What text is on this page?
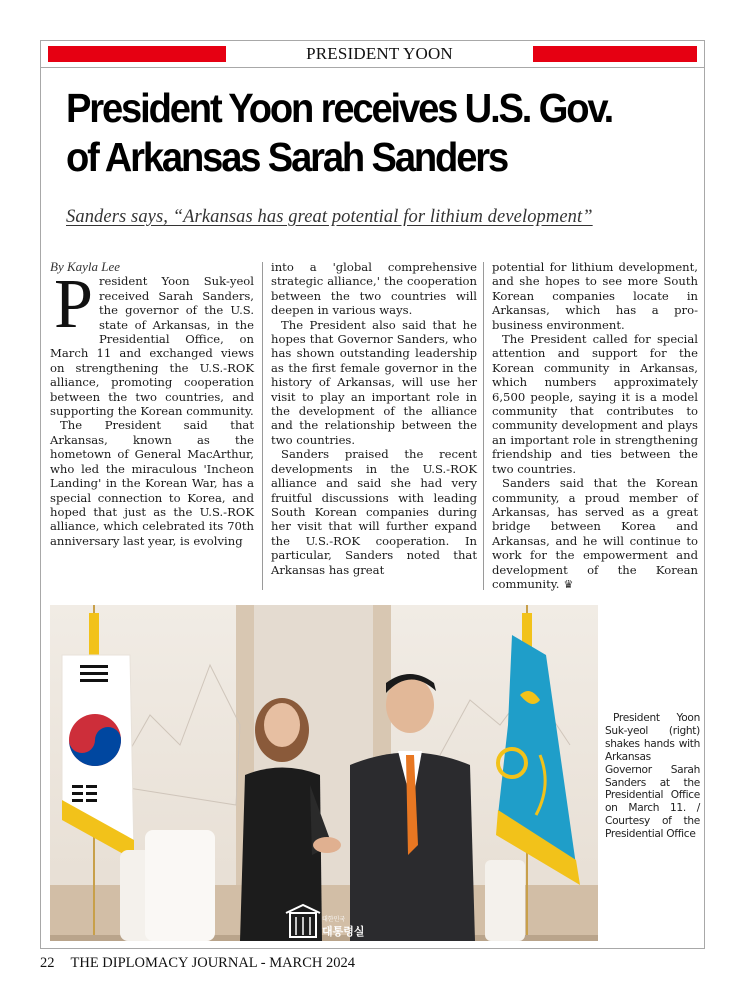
PRESIDENT YOON
President Yoon receives U.S. Gov.
of Arkansas Sarah Sanders
Sanders says, “Arkansas has great potential for lithium development”

By Kayla Lee

President Yoon Suk-yeol received Sarah Sanders, the governor of the U.S. state of Arkansas, in the Presidential Office, on March 11 and exchanged views on strengthening the U.S.-ROK alliance, promoting cooperation between the two countries, and supporting the Korean community.

The President said that Arkansas, known as the hometown of General MacArthur, who led the miraculous 'Incheon Landing' in the Korean War, has a special connection to Korea, and hoped that just as the U.S.-ROK alliance, which celebrated its 70th anniversary last year, is evolving

into a 'global comprehensive strategic alliance,' the cooperation between the two countries will deepen in various ways.

The President also said that he hopes that Governor Sanders, who has shown outstanding leadership as the first female governor in the history of Arkansas, will use her visit to play an important role in the development of the alliance and the relationship between the two countries.

Sanders praised the recent developments in the U.S.-ROK alliance and said she had very fruitful discussions with leading South Korean companies during her visit that will further expand the U.S.-ROK cooperation. In particular, Sanders noted that Arkansas has great

potential for lithium development, and she hopes to see more South Korean companies locate in Arkansas, which has a pro-business environment.

The President called for special attention and support for the Korean community in Arkansas, which numbers approximately 6,500 people, saying it is a model community that contributes to community development and plays an important role in strengthening friendship and ties between the two countries.

Sanders said that the Korean community, a proud member of Arkansas, has served as a great bridge between Korea and Arkansas, and he will continue to work for the empowerment and development of the Korean community. ♛

대한민국
대통령실
President Yoon Suk-yeol (right) shakes hands with Arkansas Governor Sarah Sanders at the Presidential Office on March 11. / Courtesy of the Presidential Office
22 THE DIPLOMACY JOURNAL - MARCH 2024
